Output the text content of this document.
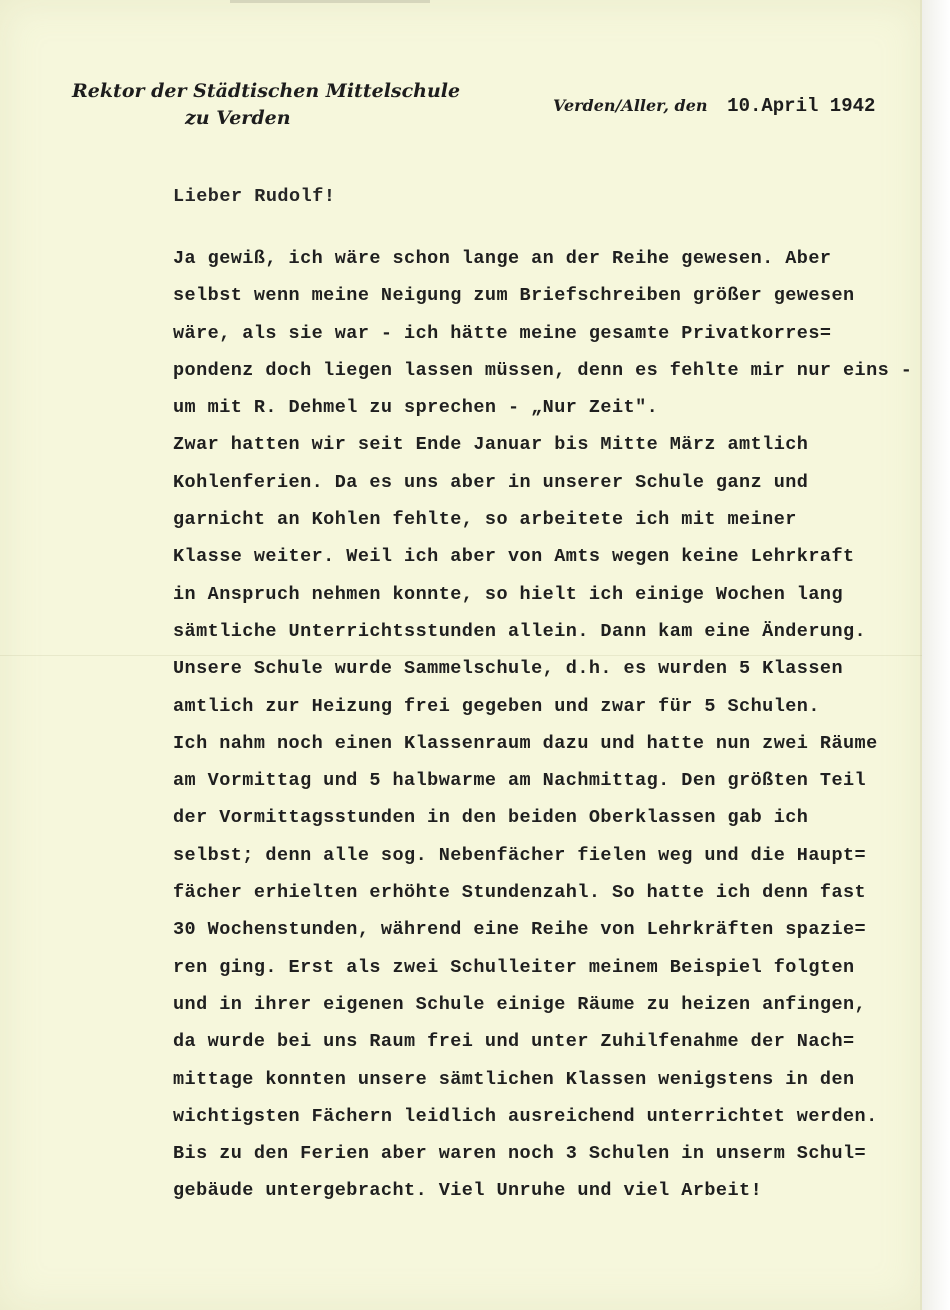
Rektor der Städtischen Mittelschule
zu Verden
Verden/Aller, den 10.April 1942
Lieber Rudolf!
Ja gewiß, ich wäre schon lange an der Reihe gewesen. Aber
selbst wenn meine Neigung zum Briefschreiben größer gewesen
wäre, als sie war - ich hätte meine gesamte Privatkorres=
pondenz doch liegen lassen müssen, denn es fehlte mir nur eins -
um mit R. Dehmel zu sprechen - „Nur Zeit".
Zwar hatten wir seit Ende Januar bis Mitte März amtlich
Kohlenferien. Da es uns aber in unserer Schule ganz und
garnicht an Kohlen fehlte, so arbeitete ich mit meiner
Klasse weiter. Weil ich aber von Amts wegen keine Lehrkraft
in Anspruch nehmen konnte, so hielt ich einige Wochen lang
sämtliche Unterrichtsstunden allein. Dann kam eine Änderung.
Unsere Schule wurde Sammelschule, d.h. es wurden 5 Klassen
amtlich zur Heizung frei gegeben und zwar für 5 Schulen.
Ich nahm noch einen Klassenraum dazu und hatte nun zwei Räume
am Vormittag und 5 halbwarme am Nachmittag. Den größten Teil
der Vormittagsstunden in den beiden Oberklassen gab ich
selbst; denn alle sog. Nebenfächer fielen weg und die Haupt=
fächer erhielten erhöhte Stundenzahl. So hatte ich denn fast
30 Wochenstunden, während eine Reihe von Lehrkräften spazie=
ren ging. Erst als zwei Schulleiter meinem Beispiel folgten
und in ihrer eigenen Schule einige Räume zu heizen anfingen,
da wurde bei uns Raum frei und unter Zuhilfenahme der Nach=
mittage konnten unsere sämtlichen Klassen wenigstens in den
wichtigsten Fächern leidlich ausreichend unterrichtet werden.
Bis zu den Ferien aber waren noch 3 Schulen in unserm Schul=
gebäude untergebracht. Viel Unruhe und viel Arbeit!
